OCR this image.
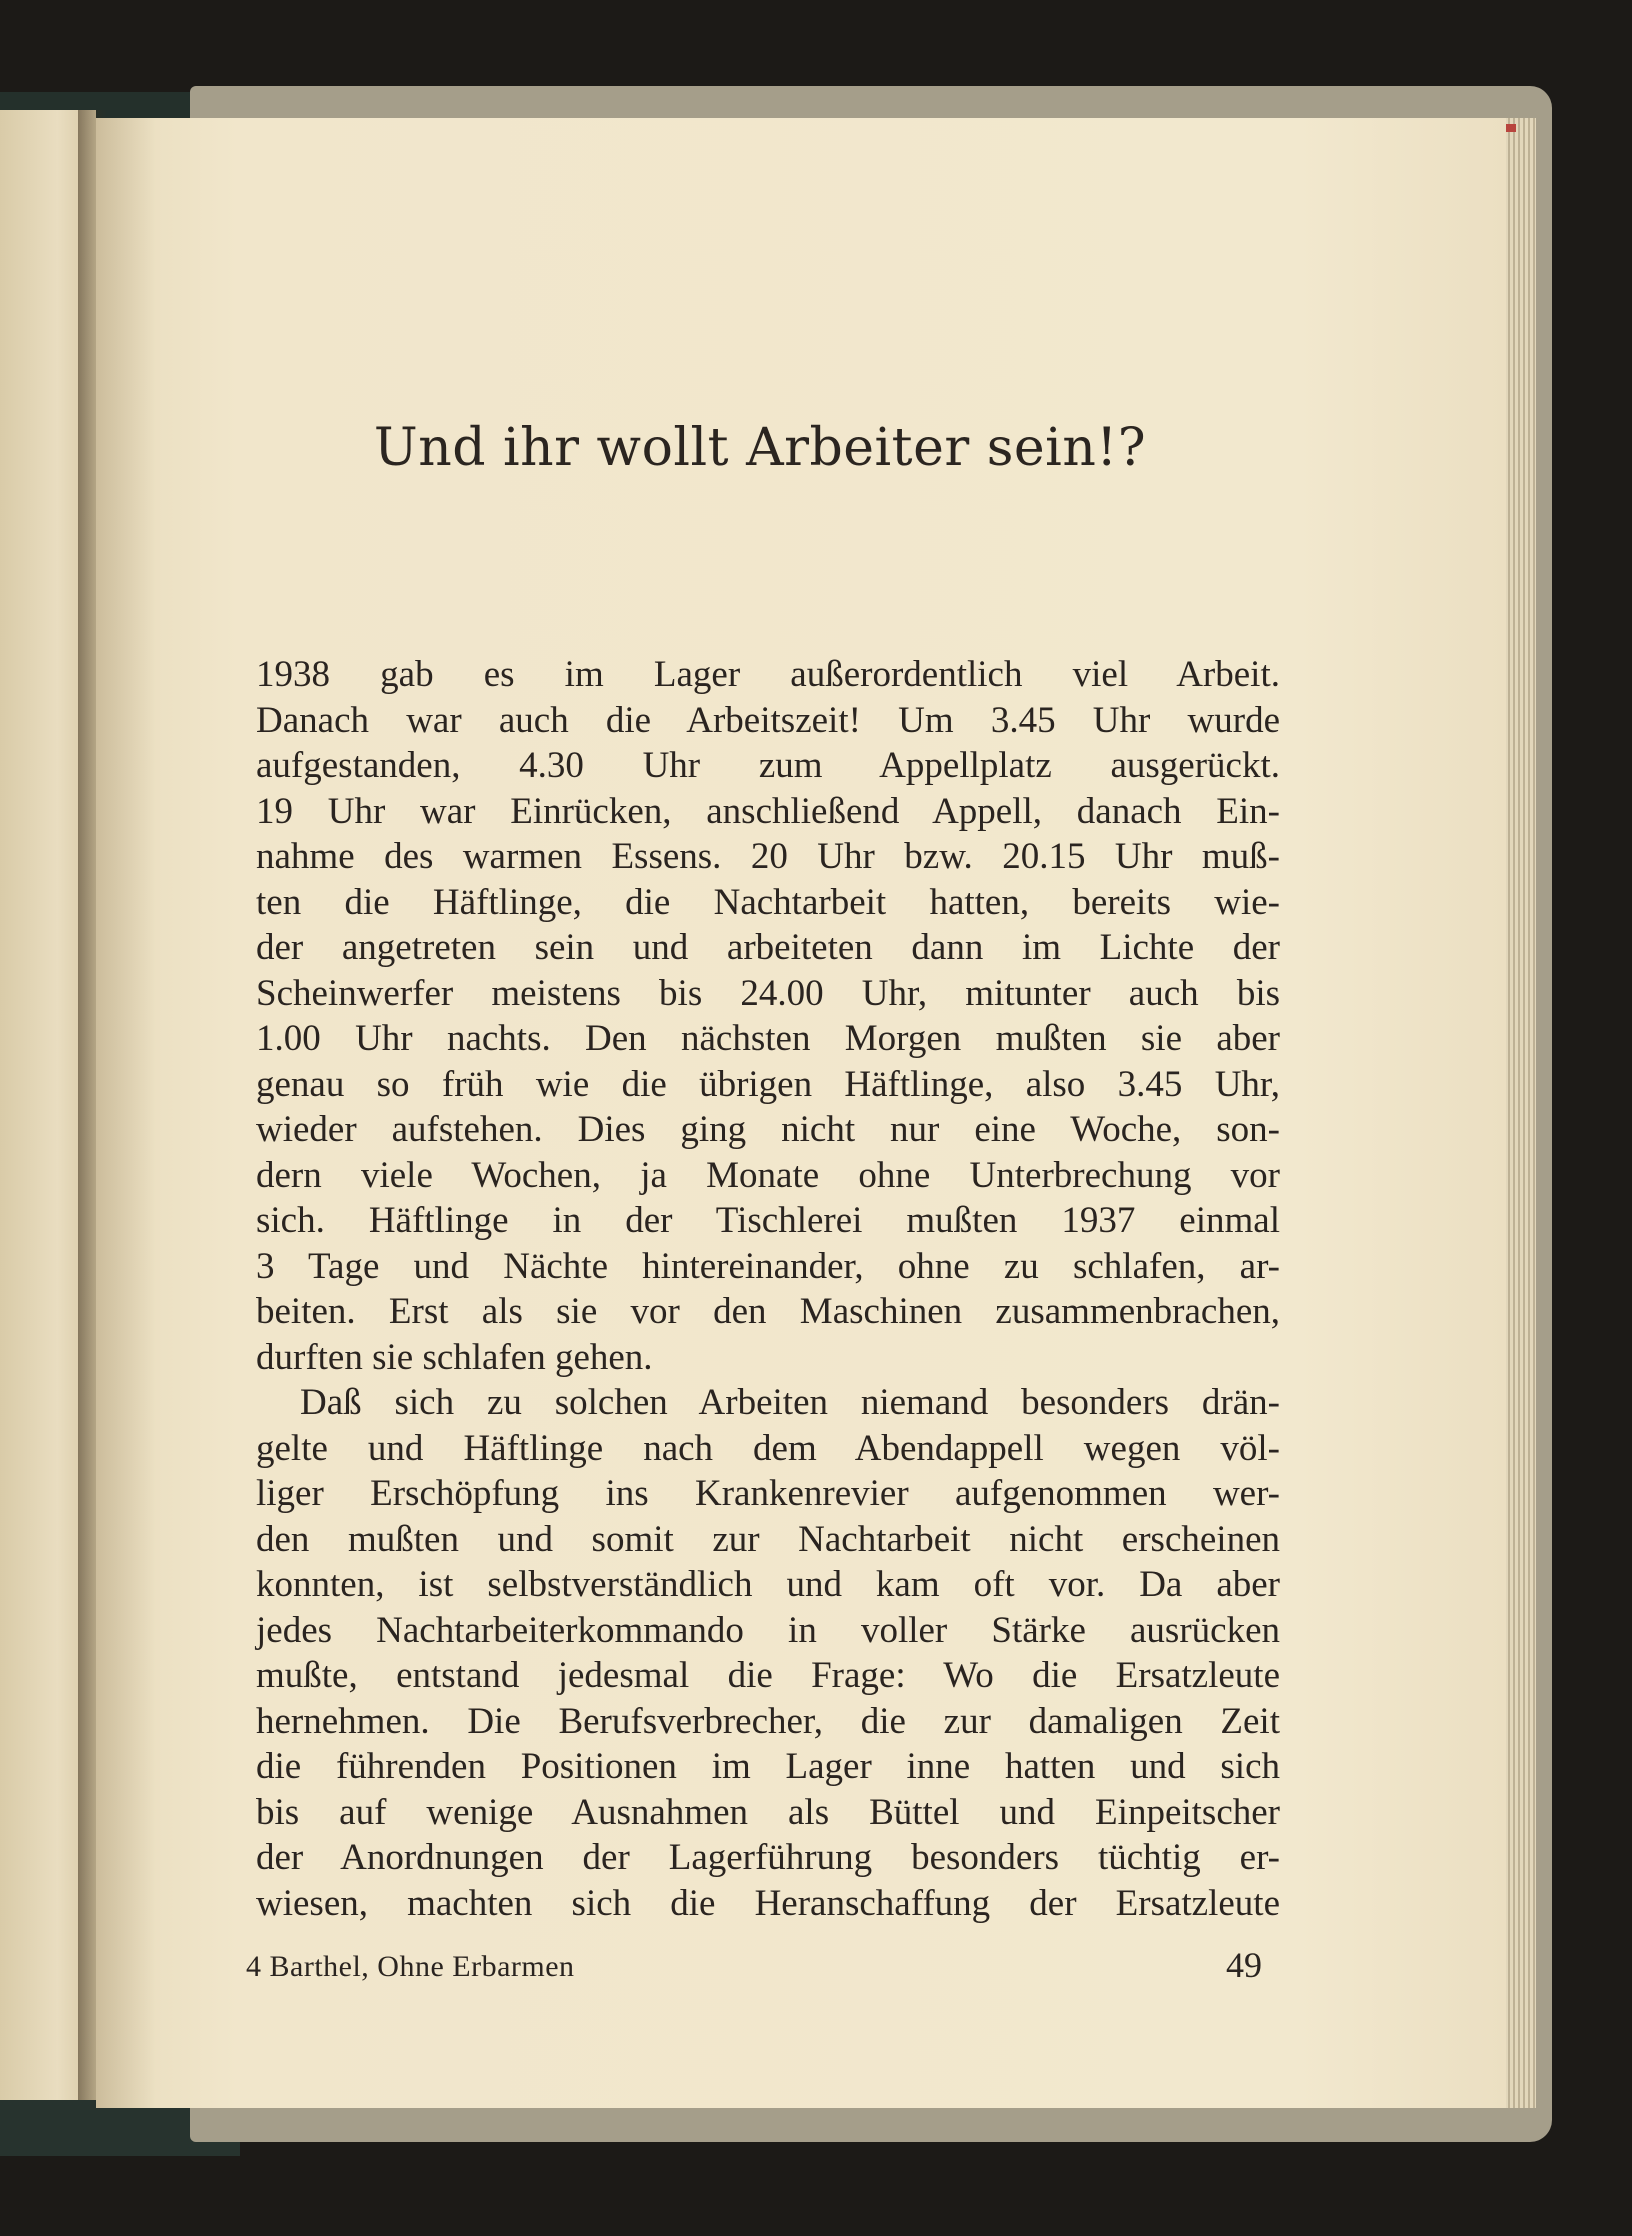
Und ihr wollt Arbeiter sein!?
1938 gab es im Lager außerordentlich viel Arbeit.
Danach war auch die Arbeitszeit! Um 3.45 Uhr wurde
aufgestanden, 4.30 Uhr zum Appellplatz ausgerückt.
19 Uhr war Einrücken, anschließend Appell, danach Ein-
nahme des warmen Essens. 20 Uhr bzw. 20.15 Uhr muß-
ten die Häftlinge, die Nachtarbeit hatten, bereits wie-
der angetreten sein und arbeiteten dann im Lichte der
Scheinwerfer meistens bis 24.00 Uhr, mitunter auch bis
1.00 Uhr nachts. Den nächsten Morgen mußten sie aber
genau so früh wie die übrigen Häftlinge, also 3.45 Uhr,
wieder aufstehen. Dies ging nicht nur eine Woche, son-
dern viele Wochen, ja Monate ohne Unterbrechung vor
sich. Häftlinge in der Tischlerei mußten 1937 einmal
3 Tage und Nächte hintereinander, ohne zu schlafen, ar-
beiten. Erst als sie vor den Maschinen zusammenbrachen,
durften sie schlafen gehen.
Daß sich zu solchen Arbeiten niemand besonders drän-
gelte und Häftlinge nach dem Abendappell wegen völ-
liger Erschöpfung ins Krankenrevier aufgenommen wer-
den mußten und somit zur Nachtarbeit nicht erscheinen
konnten, ist selbstverständlich und kam oft vor. Da aber
jedes Nachtarbeiterkommando in voller Stärke ausrücken
mußte, entstand jedesmal die Frage: Wo die Ersatzleute
hernehmen. Die Berufsverbrecher, die zur damaligen Zeit
die führenden Positionen im Lager inne hatten und sich
bis auf wenige Ausnahmen als Büttel und Einpeitscher
der Anordnungen der Lagerführung besonders tüchtig er-
wiesen, machten sich die Heranschaffung der Ersatzleute
4 Barthel, Ohne Erbarmen	49
